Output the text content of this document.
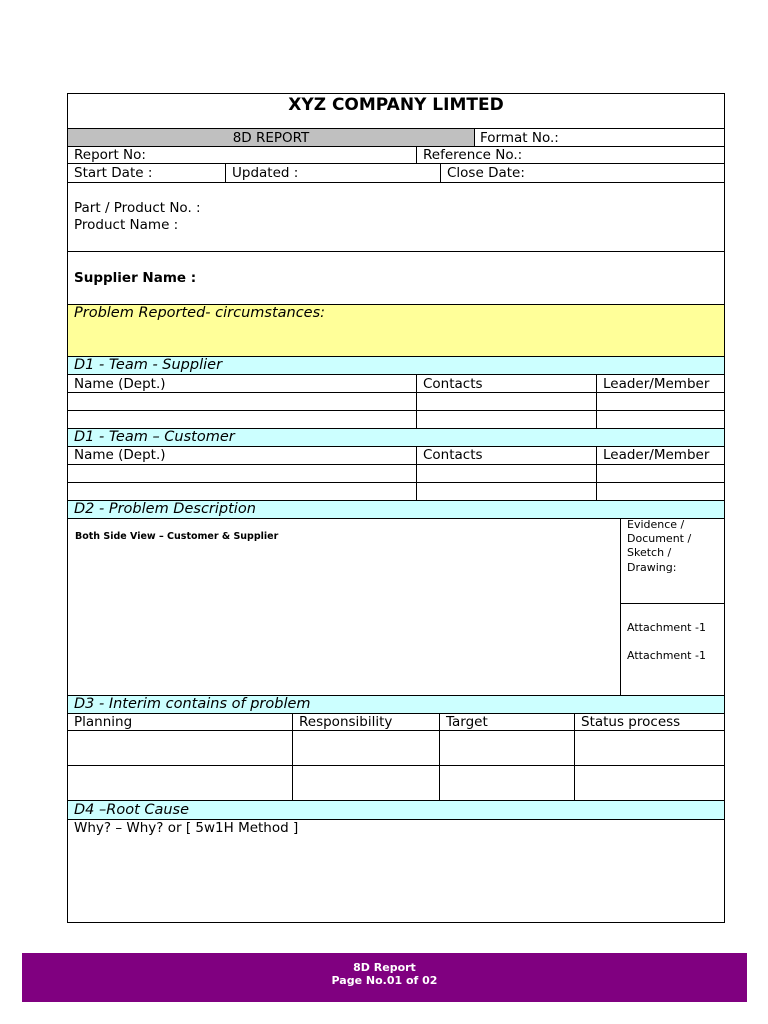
XYZ COMPANY LIMTED
8D REPORT	Format No.:
Report No:	Reference No.:
Start Date :	Updated :	Close Date:
Part / Product No. :
Product Name :
Supplier Name :
Problem Reported- circumstances:
D1 - Team - Supplier
Name (Dept.)	Contacts	Leader/Member
D1 - Team – Customer
Name (Dept.)	Contacts	Leader/Member
D2 - Problem Description
Both Side View – Customer & Supplier
Evidence /
Document /
Sketch /
Drawing:
Attachment -1
Attachment -1
D3 - Interim contains of problem
Planning	Responsibility	Target	Status process
D4 –Root Cause
Why? – Why? or [ 5w1H Method ]
8D Report
Page No.01 of 02
